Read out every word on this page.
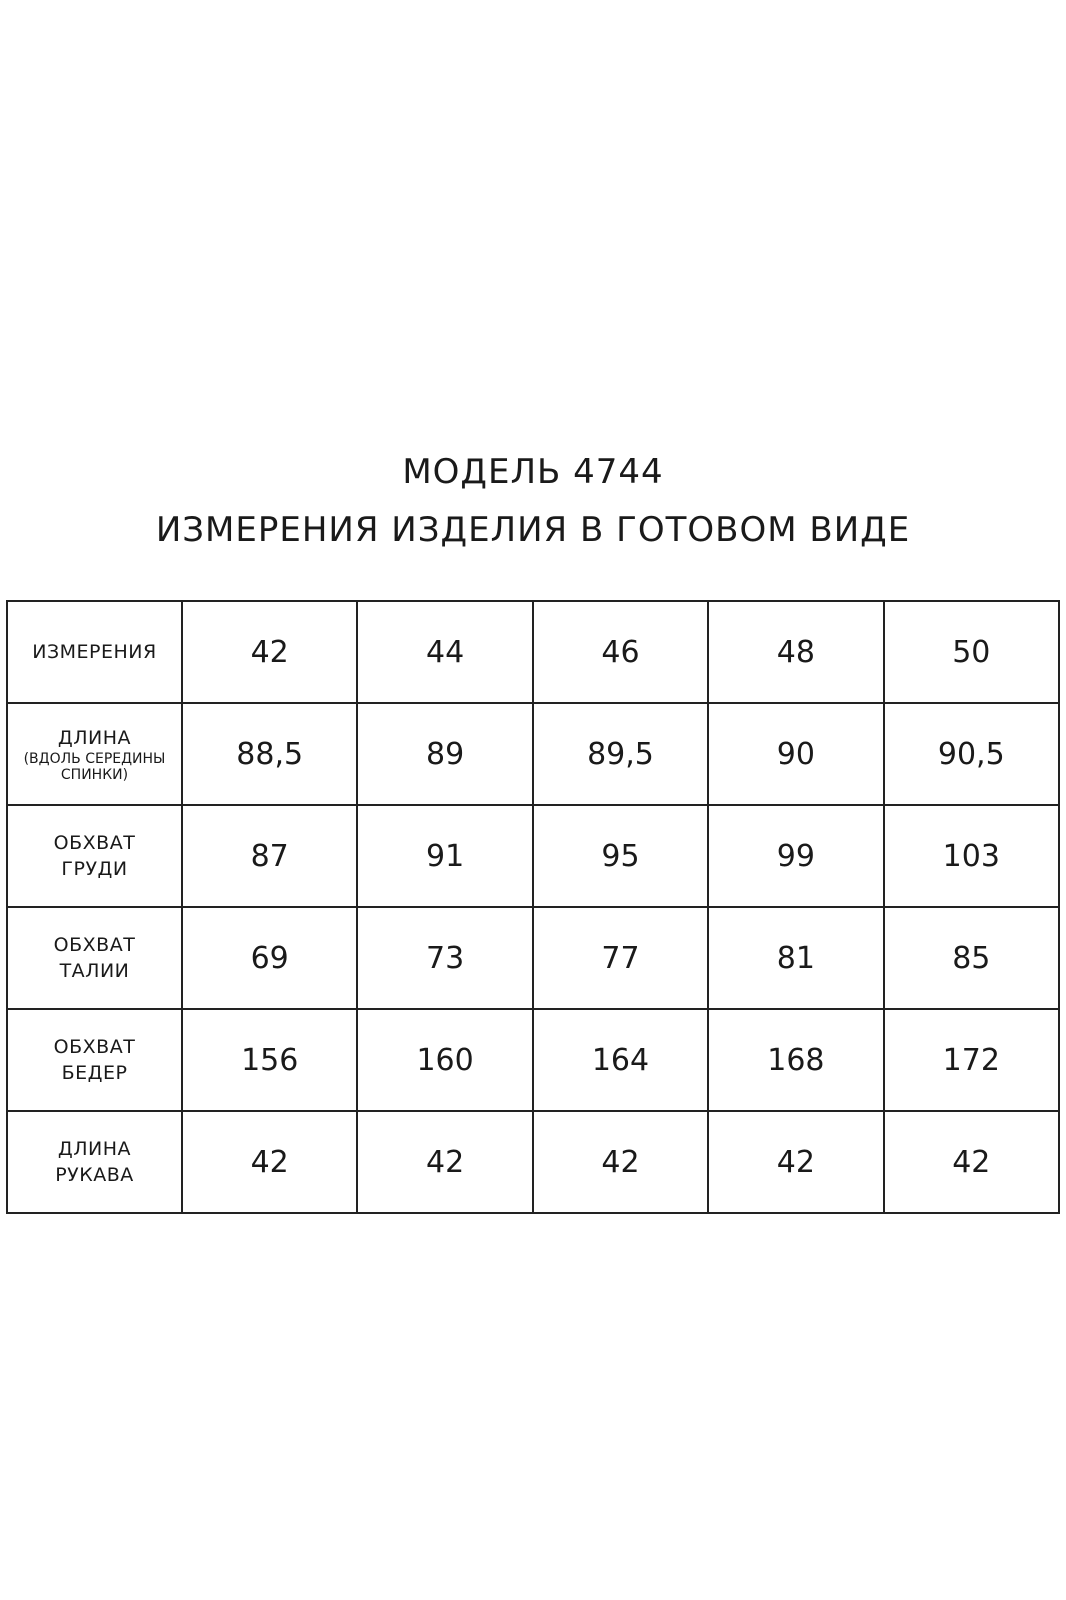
МОДЕЛЬ 4744
ИЗМЕРЕНИЯ ИЗДЕЛИЯ В ГОТОВОМ ВИДЕ
ИЗМЕРЕНИЯ	42	44	46	48	50

ДЛИНА
(ВДОЛЬ СЕРЕДИНЫ СПИНКИ)	88,5	89	89,5	90	90,5

ОБХВАТ
ГРУДИ	87	91	95	99	103

ОБХВАТ
ТАЛИИ	69	73	77	81	85

ОБХВАТ
БЕДЕР	156	160	164	168	172

ДЛИНА
РУКАВА	42	42	42	42	42
